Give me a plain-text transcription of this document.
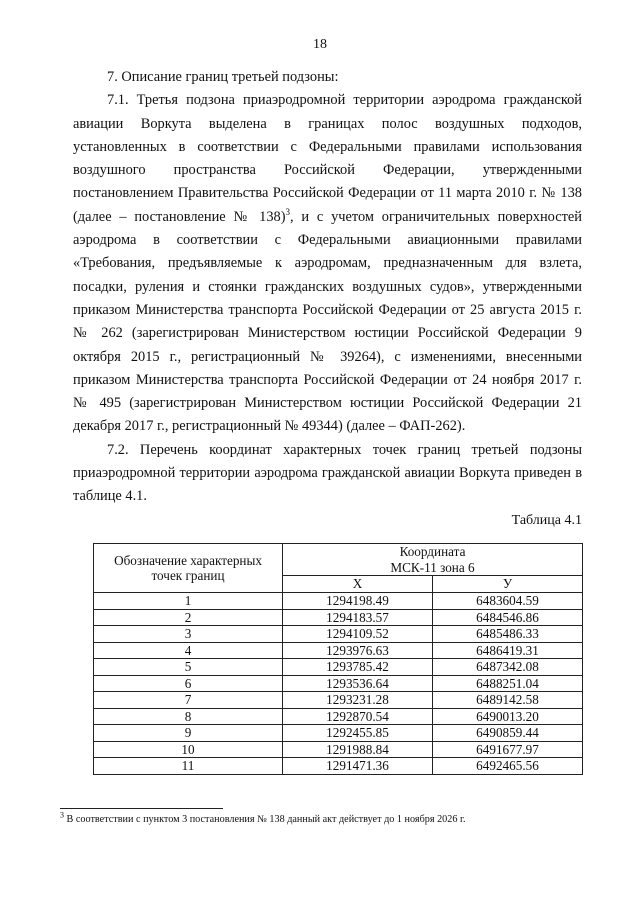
18

7. Описание границ третьей подзоны:

7.1. Третья подзона приаэродромной территории аэродрома гражданской авиации Воркута выделена в границах полос воздушных подходов, установленных в соответствии с Федеральными правилами использования воздушного пространства Российской Федерации, утвержденными постановлением Правительства Российской Федерации от 11 марта 2010 г. № 138 (далее – постановление № 138)$^3$, и с учетом ограничительных поверхностей аэродрома в соответствии с Федеральными авиационными правилами «Требования, предъявляемые к аэродромам, предназначенным для взлета, посадки, руления и стоянки гражданских воздушных судов», утвержденными приказом Министерства транспорта Российской Федерации от 25 августа 2015 г. № 262 (зарегистрирован Министерством юстиции Российской Федерации 9 октября 2015 г., регистрационный № 39264), с изменениями, внесенными приказом Министерства транспорта Российской Федерации от 24 ноября 2017 г. № 495 (зарегистрирован Министерством юстиции Российской Федерации 21 декабря 2017 г., регистрационный № 49344) (далее – ФАП-262).

7.2. Перечень координат характерных точек границ третьей подзоны приаэродромной территории аэродрома гражданской авиации Воркута приведен в таблице 4.1.

Таблица 4.1
Обозначение характерных точек границ	Координата
МСК-11 зона 6	

	Х	У
1	1294198.49	6483604.59
2	1294183.57	6484546.86
3	1294109.52	6485486.33
4	1293976.63	6486419.31
5	1293785.42	6487342.08
6	1293536.64	6488251.04
7	1293231.28	6489142.58
8	1292870.54	6490013.20
9	1292455.85	6490859.44
10	1291988.84	6491677.97
11	1291471.36	6492465.56
$^3$ В соответствии с пунктом 3 постановления № 138 данный акт действует до 1 ноября 2026 г.
